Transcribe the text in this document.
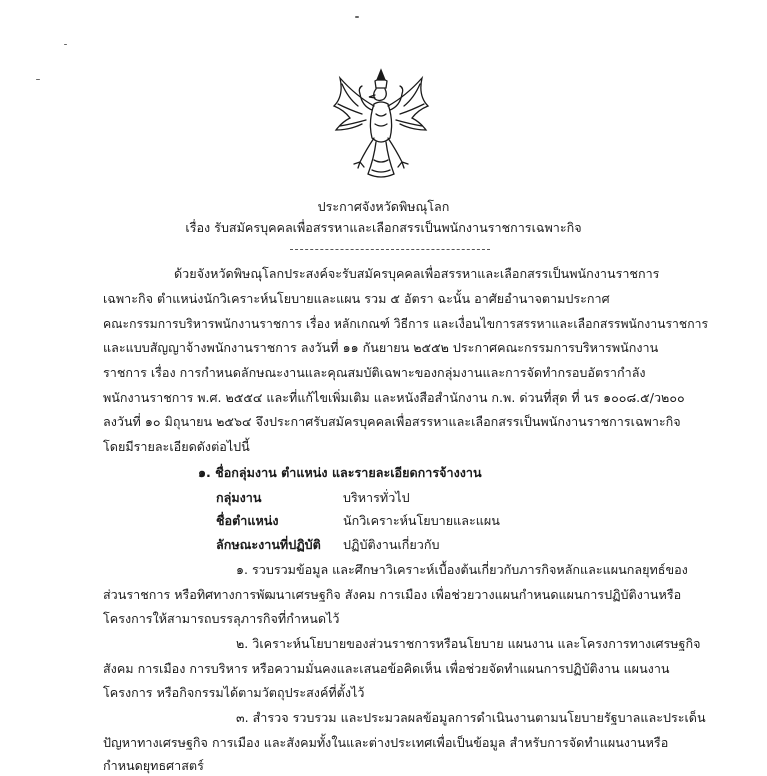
ประกาศจังหวัดพิษณุโลก
เรื่อง รับสมัครบุคคลเพื่อสรรหาและเลือกสรรเป็นพนักงานราชการเฉพาะกิจ
ด้วยจังหวัดพิษณุโลกประสงค์จะรับสมัครบุคคลเพื่อสรรหาและเลือกสรรเป็นพนักงานราชการ
เฉพาะกิจ ตำแหน่งนักวิเคราะห์นโยบายและแผน รวม ๕ อัตรา ฉะนั้น อาศัยอำนาจตามประกาศ
คณะกรรมการบริหารพนักงานราชการ เรื่อง หลักเกณฑ์ วิธีการ และเงื่อนไขการสรรหาและเลือกสรรพนักงานราชการ
และแบบสัญญาจ้างพนักงานราชการ ลงวันที่ ๑๑ กันยายน ๒๕๕๒ ประกาศคณะกรรมการบริหารพนักงาน
ราชการ เรื่อง การกำหนดลักษณะงานและคุณสมบัติเฉพาะของกลุ่มงานและการจัดทำกรอบอัตรากำลัง
พนักงานราชการ พ.ศ. ๒๕๕๔ และที่แก้ไขเพิ่มเติม และหนังสือสำนักงาน ก.พ. ด่วนที่สุด ที่ นร ๑๐๐๘.๕/ว๒๐๐
ลงวันที่ ๑๐ มิถุนายน ๒๕๖๔ จึงประกาศรับสมัครบุคคลเพื่อสรรหาและเลือกสรรเป็นพนักงานราชการเฉพาะกิจ
โดยมีรายละเอียดดังต่อไปนี้
๑. ชื่อกลุ่มงาน ตำแหน่ง และรายละเอียดการจ้างงาน
กลุ่มงาน	บริหารทั่วไป
ชื่อตำแหน่ง	นักวิเคราะห์นโยบายและแผน
ลักษณะงานที่ปฏิบัติ ปฏิบัติงานเกี่ยวกับ
๑. รวบรวมข้อมูล และศึกษาวิเคราะห์เบื้องต้นเกี่ยวกับภารกิจหลักและแผนกลยุทธ์ของ
ส่วนราชการ หรือทิศทางการพัฒนาเศรษฐกิจ สังคม การเมือง เพื่อช่วยวางแผนกำหนดแผนการปฏิบัติงานหรือ
โครงการให้สามารถบรรลุภารกิจที่กำหนดไว้
๒. วิเคราะห์นโยบายของส่วนราชการหรือนโยบาย แผนงาน และโครงการทางเศรษฐกิจ
สังคม การเมือง การบริหาร หรือความมั่นคงและเสนอข้อคิดเห็น เพื่อช่วยจัดทำแผนการปฏิบัติงาน แผนงาน
โครงการ หรือกิจกรรมได้ตามวัตถุประสงค์ที่ตั้งไว้
๓. สำรวจ รวบรวม และประมวลผลข้อมูลการดำเนินงานตามนโยบายรัฐบาลและประเด็น
ปัญหาทางเศรษฐกิจ การเมือง และสังคมทั้งในและต่างประเทศเพื่อเป็นข้อมูล สำหรับการจัดทำแผนงานหรือ
กำหนดยุทธศาสตร์
